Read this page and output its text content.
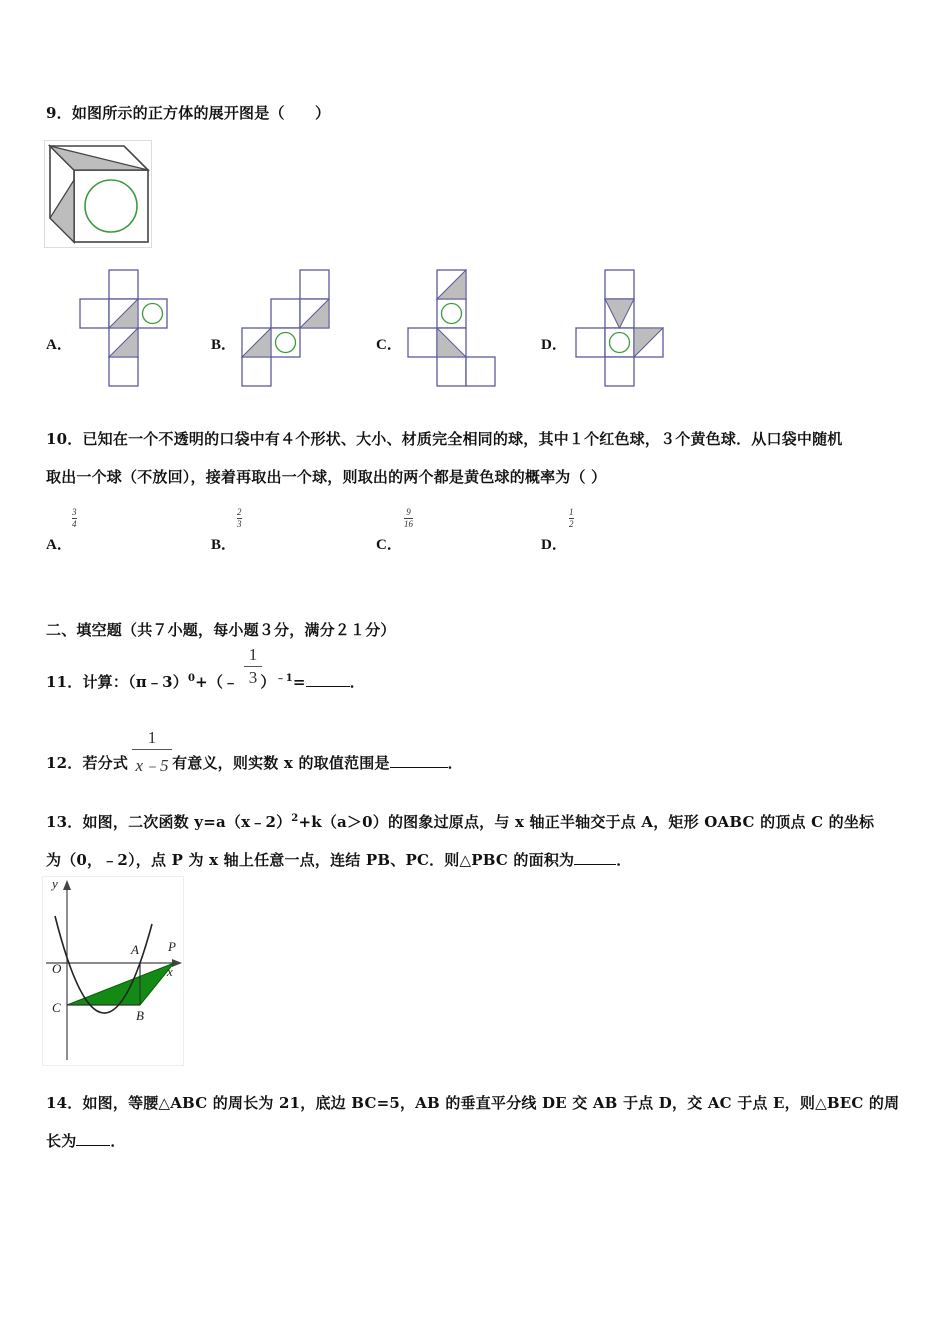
9．如图所示的正方体的展开图是（　　）
A．	B．	C．	D．
10．已知在一个不透明的口袋中有４个形状、大小、材质完全相同的球，其中１个红色球，３个黄色球．从口袋中随机
取出一个球（不放回），接着再取出一个球，则取出的两个都是黄色球的概率为（ ）
A．
3
4
B．
2
3
C．
9
16
D．
1
2
二、填空题（共７小题，每小题３分，满分２１分）
11．计算：（π﹣3）$^0$+（﹣ ）$^{﹣1}$=	．
1
3
12．若分式	有意义，则实数 x 的取值范围是	．
1
x﹣5
13．如图，二次函数 y=a（x﹣2）$^2$+k（a＞0）的图象过原点，与 x 轴正半轴交于点 A，矩形 OABC 的顶点 C 的坐标
为（0，﹣2），点 P 为 x 轴上任意一点，连结 PB、PC．则△PBC 的面积为	．
y
O
A P
x
C
B
14．如图，等腰△ABC 的周长为 21，底边 BC=5，AB 的垂直平分线 DE 交 AB 于点 D，交 AC 于点 E，则△BEC 的周
长为 ．
